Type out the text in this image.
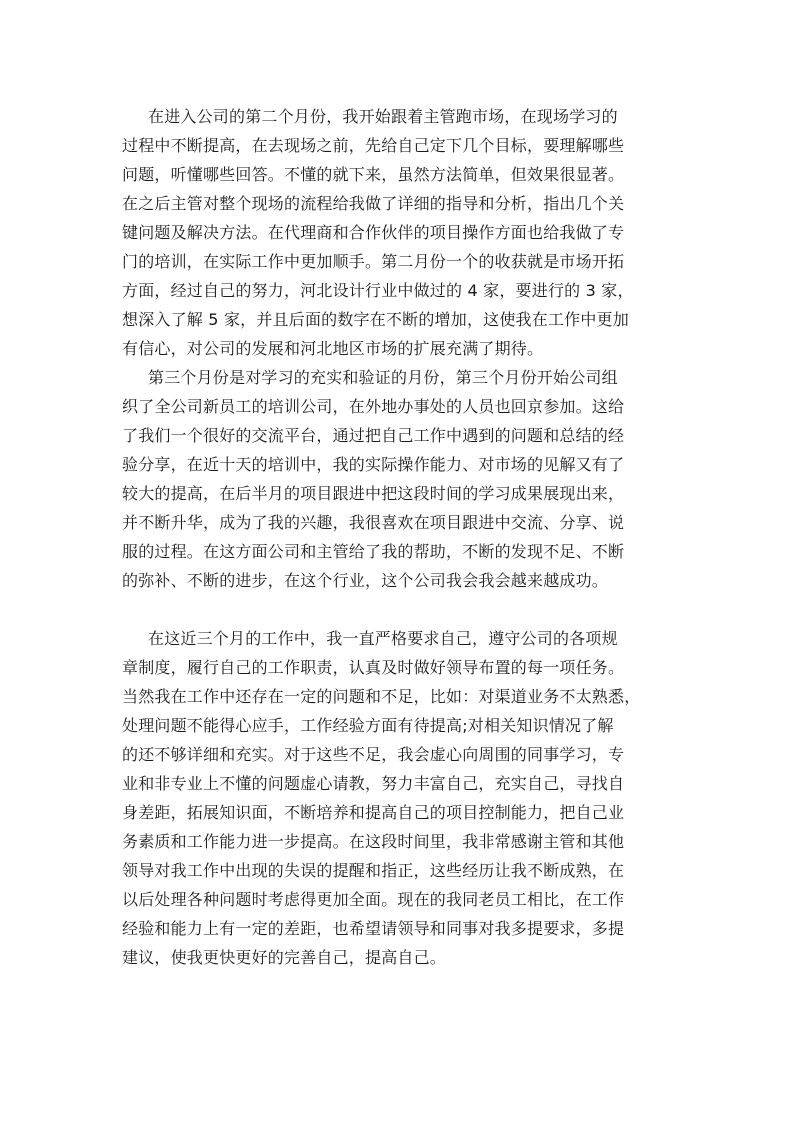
在进入公司的第二个月份，我开始跟着主管跑市场，在现场学习的
过程中不断提高，在去现场之前，先给自己定下几个目标，要理解哪些
问题，听懂哪些回答。不懂的就下来，虽然方法简单，但效果很显著。
在之后主管对整个现场的流程给我做了详细的指导和分析，指出几个关
键问题及解决方法。在代理商和合作伙伴的项目操作方面也给我做了专
门的培训，在实际工作中更加顺手。第二月份一个的收获就是市场开拓
方面，经过自己的努力，河北设计行业中做过的 4 家，要进行的 3 家，
想深入了解 5 家，并且后面的数字在不断的增加，这使我在工作中更加
有信心，对公司的发展和河北地区市场的扩展充满了期待。
第三个月份是对学习的充实和验证的月份，第三个月份开始公司组
织了全公司新员工的培训公司，在外地办事处的人员也回京参加。这给
了我们一个很好的交流平台，通过把自己工作中遇到的问题和总结的经
验分享，在近十天的培训中，我的实际操作能力、对市场的见解又有了
较大的提高，在后半月的项目跟进中把这段时间的学习成果展现出来，
并不断升华，成为了我的兴趣，我很喜欢在项目跟进中交流、分享、说
服的过程。在这方面公司和主管给了我的帮助，不断的发现不足、不断
的弥补、不断的进步，在这个行业，这个公司我会我会越来越成功。
在这近三个月的工作中，我一直严格要求自己，遵守公司的各项规
章制度，履行自己的工作职责，认真及时做好领导布置的每一项任务。
当然我在工作中还存在一定的问题和不足，比如：对渠道业务不太熟悉，
处理问题不能得心应手，工作经验方面有待提高;对相关知识情况了解
的还不够详细和充实。对于这些不足，我会虚心向周围的同事学习，专
业和非专业上不懂的问题虚心请教，努力丰富自己，充实自己，寻找自
身差距，拓展知识面，不断培养和提高自己的项目控制能力，把自己业
务素质和工作能力进一步提高。在这段时间里，我非常感谢主管和其他
领导对我工作中出现的失误的提醒和指正，这些经历让我不断成熟，在
以后处理各种问题时考虑得更加全面。现在的我同老员工相比，在工作
经验和能力上有一定的差距，也希望请领导和同事对我多提要求，多提
建议，使我更快更好的完善自己，提高自己。
